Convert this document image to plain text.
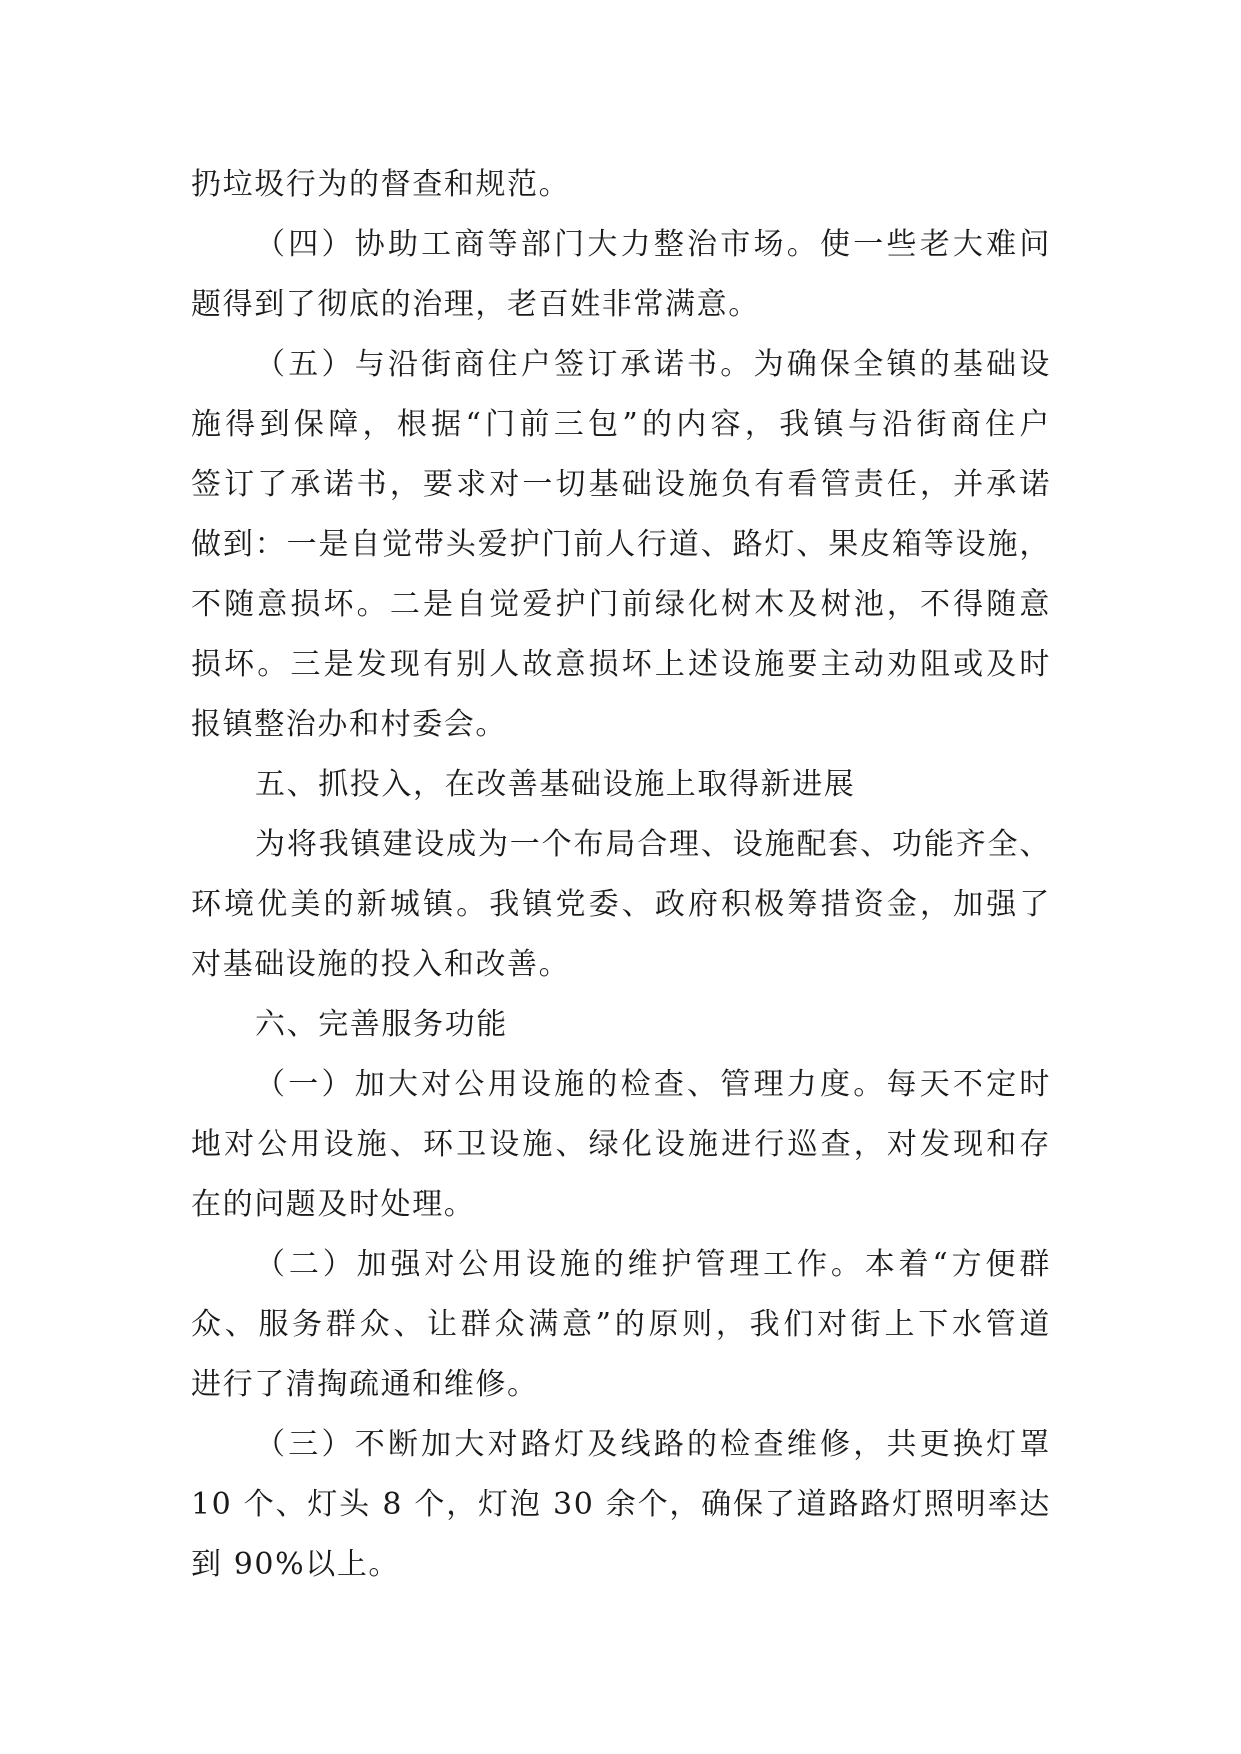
扔垃圾行为的督查和规范。
（四）协助工商等部门大力整治市场。使一些老大难问
题得到了彻底的治理，老百姓非常满意。
（五）与沿街商住户签订承诺书。为确保全镇的基础设
施得到保障，根据“门前三包”的内容，我镇与沿街商住户
签订了承诺书，要求对一切基础设施负有看管责任，并承诺
做到：一是自觉带头爱护门前人行道、路灯、果皮箱等设施，
不随意损坏。二是自觉爱护门前绿化树木及树池，不得随意
损坏。三是发现有别人故意损坏上述设施要主动劝阻或及时
报镇整治办和村委会。
五、抓投入，在改善基础设施上取得新进展
为将我镇建设成为一个布局合理、设施配套、功能齐全、
环境优美的新城镇。我镇党委、政府积极筹措资金，加强了
对基础设施的投入和改善。
六、完善服务功能
（一）加大对公用设施的检查、管理力度。每天不定时
地对公用设施、环卫设施、绿化设施进行巡查，对发现和存
在的问题及时处理。
（二）加强对公用设施的维护管理工作。本着“方便群
众、服务群众、让群众满意”的原则，我们对街上下水管道
进行了清掏疏通和维修。
（三）不断加大对路灯及线路的检查维修，共更换灯罩
10 个、灯头 8 个，灯泡 30 余个，确保了道路路灯照明率达
到 90%以上。
